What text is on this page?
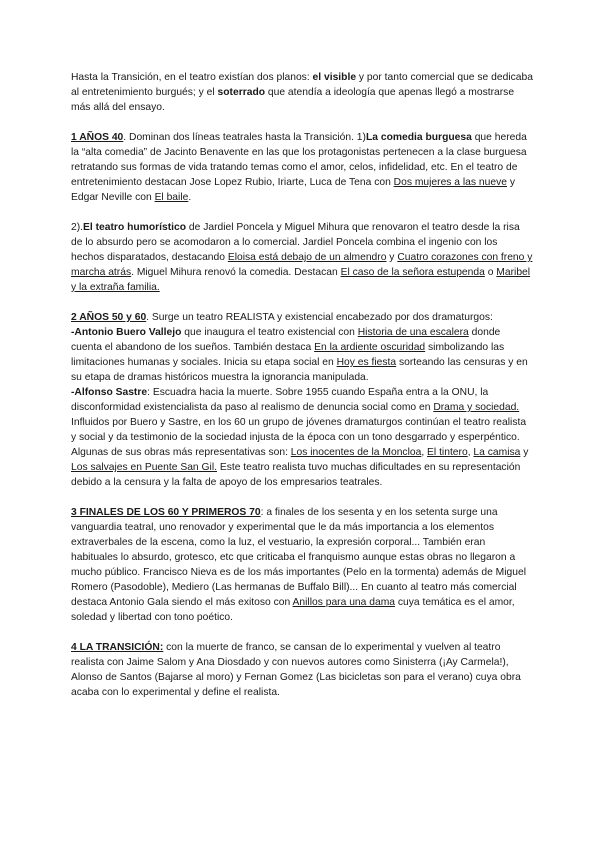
Hasta la Transición, en el teatro existían dos planos: el visible y por tanto comercial que se dedicaba al entretenimiento burgués; y el soterrado que atendía a ideología que apenas llegó a mostrarse más allá del ensayo.

1 AÑOS 40. Dominan dos líneas teatrales hasta la Transición. 1)La comedia burguesa que hereda la “alta comedia” de Jacinto Benavente en las que los protagonistas pertenecen a la clase burguesa retratando sus formas de vida tratando temas como el amor, celos, infidelidad, etc. En el teatro de entretenimiento destacan Jose Lopez Rubio, Iriarte, Luca de Tena con Dos mujeres a las nueve y Edgar Neville con El baile.

2).El teatro humorístico de Jardiel Poncela y Miguel Mihura que renovaron el teatro desde la risa de lo absurdo pero se acomodaron a lo comercial. Jardiel Poncela combina el ingenio con los hechos disparatados, destacando Eloisa está debajo de un almendro y Cuatro corazones con freno y marcha atrás. Miguel Mihura renovó la comedia. Destacan El caso de la señora estupenda o Maribel y la extraña familia.

2 AÑOS 50 y 60. Surge un teatro REALISTA y existencial encabezado por dos dramaturgos:

-Antonio Buero Vallejo que inaugura el teatro existencial con Historia de una escalera donde cuenta el abandono de los sueños. También destaca En la ardiente oscuridad simbolizando las limitaciones humanas y sociales. Inicia su etapa social en Hoy es fiesta sorteando las censuras y en su etapa de dramas históricos muestra la ignorancia manipulada.

-Alfonso Sastre: Escuadra hacia la muerte. Sobre 1955 cuando España entra a la ONU, la disconformidad existencialista da paso al realismo de denuncia social como en Drama y sociedad.

Influidos por Buero y Sastre, en los 60 un grupo de jóvenes dramaturgos continúan el teatro realista y social y da testimonio de la sociedad injusta de la época con un tono desgarrado y esperpéntico. Algunas de sus obras más representativas son: Los inocentes de la Moncloa, El tintero, La camisa y Los salvajes en Puente San Gil. Este teatro realista tuvo muchas dificultades en su representación debido a la censura y la falta de apoyo de los empresarios teatrales.

3 FINALES DE LOS 60 Y PRIMEROS 70: a finales de los sesenta y en los setenta surge una vanguardia teatral, uno renovador y experimental que le da más importancia a los elementos extraverbales de la escena, como la luz, el vestuario, la expresión corporal... También eran habituales lo absurdo, grotesco, etc que criticaba el franquismo aunque estas obras no llegaron a mucho público. Francisco Nieva es de los más importantes (Pelo en la tormenta) además de Miguel Romero (Pasodoble), Mediero (Las hermanas de Buffalo Bill)... En cuanto al teatro más comercial destaca Antonio Gala siendo el más exitoso con Anillos para una dama cuya temática es el amor, soledad y libertad con tono poético.

4 LA TRANSICIÓN: con la muerte de franco, se cansan de lo experimental y vuelven al teatro realista con Jaime Salom y Ana Diosdado y con nuevos autores como Sinisterra (¡Ay Carmela!), Alonso de Santos (Bajarse al moro) y Fernan Gomez (Las bicicletas son para el verano) cuya obra acaba con lo experimental y define el realista.
